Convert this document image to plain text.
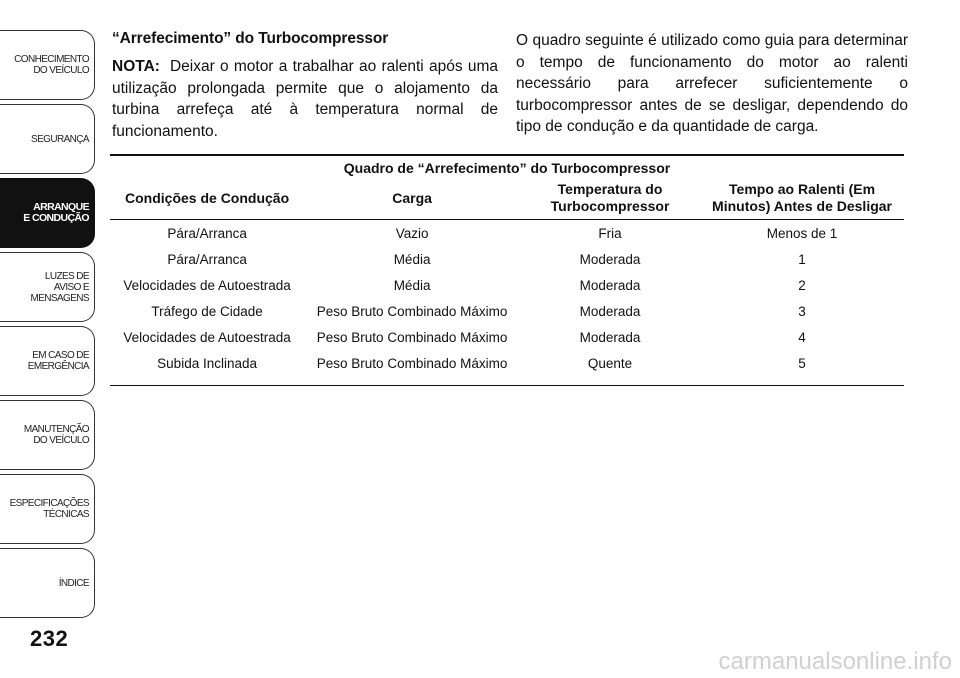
CONHECIMENTO
DO VEÍCULO
SEGURANÇA
ARRANQUE
E CONDUÇÃO
LUZES DE
AVISO E
MENSAGENS
EM CASO DE
EMERGÊNCIA
MANUTENÇÃO
DO VEÍCULO
ESPECIFICAÇÕES
TÉCNICAS
ÍNDICE
232
“Arrefecimento” do Turbocompressor

NOTA: Deixar o motor a trabalhar ao ralenti após uma utilização prolongada permite que o alojamento da turbina arrefeça até à temperatura normal de funcionamento.

O quadro seguinte é utilizado como guia para determinar o tempo de funcionamento do motor ao ralenti necessário para arrefecer suficientemente o turbocompressor antes de se desligar, dependendo do tipo de condução e da quantidade de carga.

Quadro de “Arrefecimento” do Turbocompressor			
Condições de Condução	Carga	Temperatura do Turbocompressor	Tempo ao Ralenti (Em Minutos) Antes de Desligar
Pára/Arranca	Vazio	Fria	Menos de 1
Pára/Arranca	Média	Moderada	1
Velocidades de Autoestrada	Média	Moderada	2
Tráfego de Cidade	Peso Bruto Combinado Máximo	Moderada	3
Velocidades de Autoestrada	Peso Bruto Combinado Máximo	Moderada	4
Subida Inclinada	Peso Bruto Combinado Máximo	Quente	5
carmanualsonline.info
